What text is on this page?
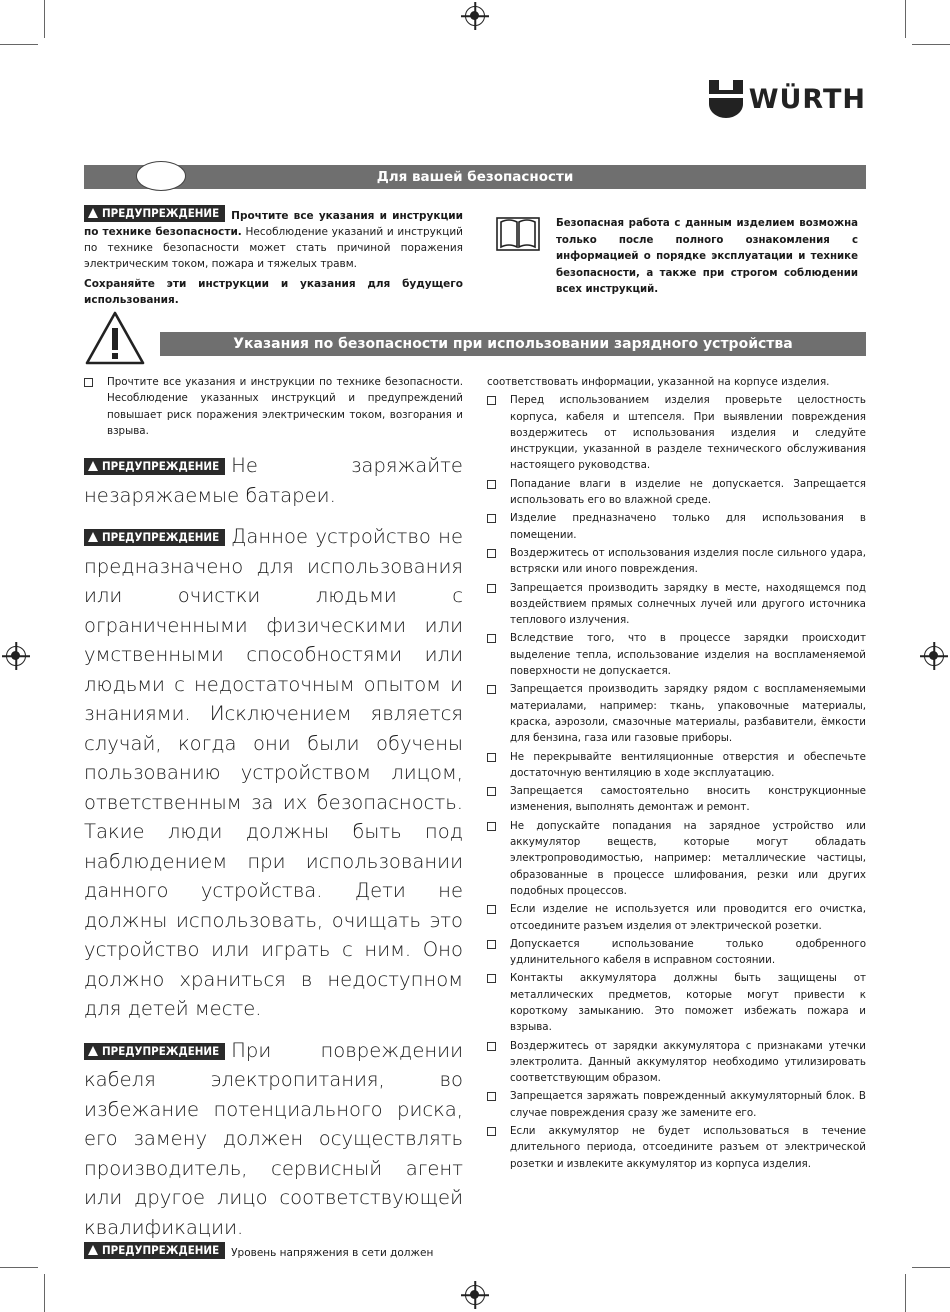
WÜRTH
Для вашей безопасности

ПРЕДУПРЕЖДЕНИЕ Прочтите все указания и инструкции по технике безопасности. Несоблюдение указаний и инструкций по технике безопасности может стать причиной поражения электрическим током, пожара и тяжелых травм.

Сохраняйте эти инструкции и указания для будущего использования.

Безопасная работа с данным изделием возможна только после полного ознакомления с информацией о порядке эксплуатации и технике безопасности, а также при строгом соблюдении всех инструкций.
Указания по безопасности при использовании зарядного устройства
Прочтите все указания и инструкции по технике безопасности. Несоблюдение указанных инструкций и предупреждений повышает риск поражения электрическим током, возгорания и взрыва.
ПРЕДУПРЕЖДЕНИЕ Не заряжайте незаряжаемые батареи.
ПРЕДУПРЕЖДЕНИЕ Данное устройство не предназначено для использования или очистки людьми с ограниченными физическими или умственными способностями или людьми с недостаточным опытом и знаниями. Исключением является случай, когда они были обучены пользованию устройством лицом, ответственным за их безопасность. Такие люди должны быть под наблюдением при использовании данного устройства. Дети не должны использовать, очищать это устройство или играть с ним. Оно должно храниться в недоступном для детей месте.
ПРЕДУПРЕЖДЕНИЕ При повреждении кабеля электропитания, во избежание потенциального риска, его замену должен осуществлять производитель, сервисный агент или другое лицо соответствующей квалификации.
ПРЕДУПРЕЖДЕНИЕ Уровень напряжения в сети должен
соответствовать информации, указанной на корпусе изделия.
Перед использованием изделия проверьте целостность корпуса, кабеля и штепселя. При выявлении повреждения воздержитесь от использования изделия и следуйте инструкции, указанной в разделе технического обслуживания настоящего руководства.
Попадание влаги в изделие не допускается. Запрещается использовать его во влажной среде.
Изделие предназначено только для использования в помещении.
Воздержитесь от использования изделия после сильного удара, встряски или иного повреждения.
Запрещается производить зарядку в месте, находящемся под воздействием прямых солнечных лучей или другого источника теплового излучения.
Вследствие того, что в процессе зарядки происходит выделение тепла, использование изделия на воспламеняемой поверхности не допускается.
Запрещается производить зарядку рядом с воспламеняемыми материалами, например: ткань, упаковочные материалы, краска, аэрозоли, смазочные материалы, разбавители, ёмкости для бензина, газа или газовые приборы.
Не перекрывайте вентиляционные отверстия и обеспечьте достаточную вентиляцию в ходе эксплуатацию.
Запрещается самостоятельно вносить конструкционные изменения, выполнять демонтаж и ремонт.
Не допускайте попадания на зарядное устройство или аккумулятор веществ, которые могут обладать электропроводимостью, например: металлические частицы, образованные в процессе шлифования, резки или других подобных процессов.
Если изделие не используется или проводится его очистка, отсоедините разъем изделия от электрической розетки.
Допускается использование только одобренного удлинительного кабеля в исправном состоянии.
Контакты аккумулятора должны быть защищены от металлических предметов, которые могут привести к короткому замыканию. Это поможет избежать пожара и взрыва.
Воздержитесь от зарядки аккумулятора с признаками утечки электролита. Данный аккумулятор необходимо утилизировать соответствующим образом.
Запрещается заряжать поврежденный аккумуляторный блок. В случае повреждения сразу же замените его.
Если аккумулятор не будет использоваться в течение длительного периода, отсоедините разъем от электрической розетки и извлеките аккумулятор из корпуса изделия.
